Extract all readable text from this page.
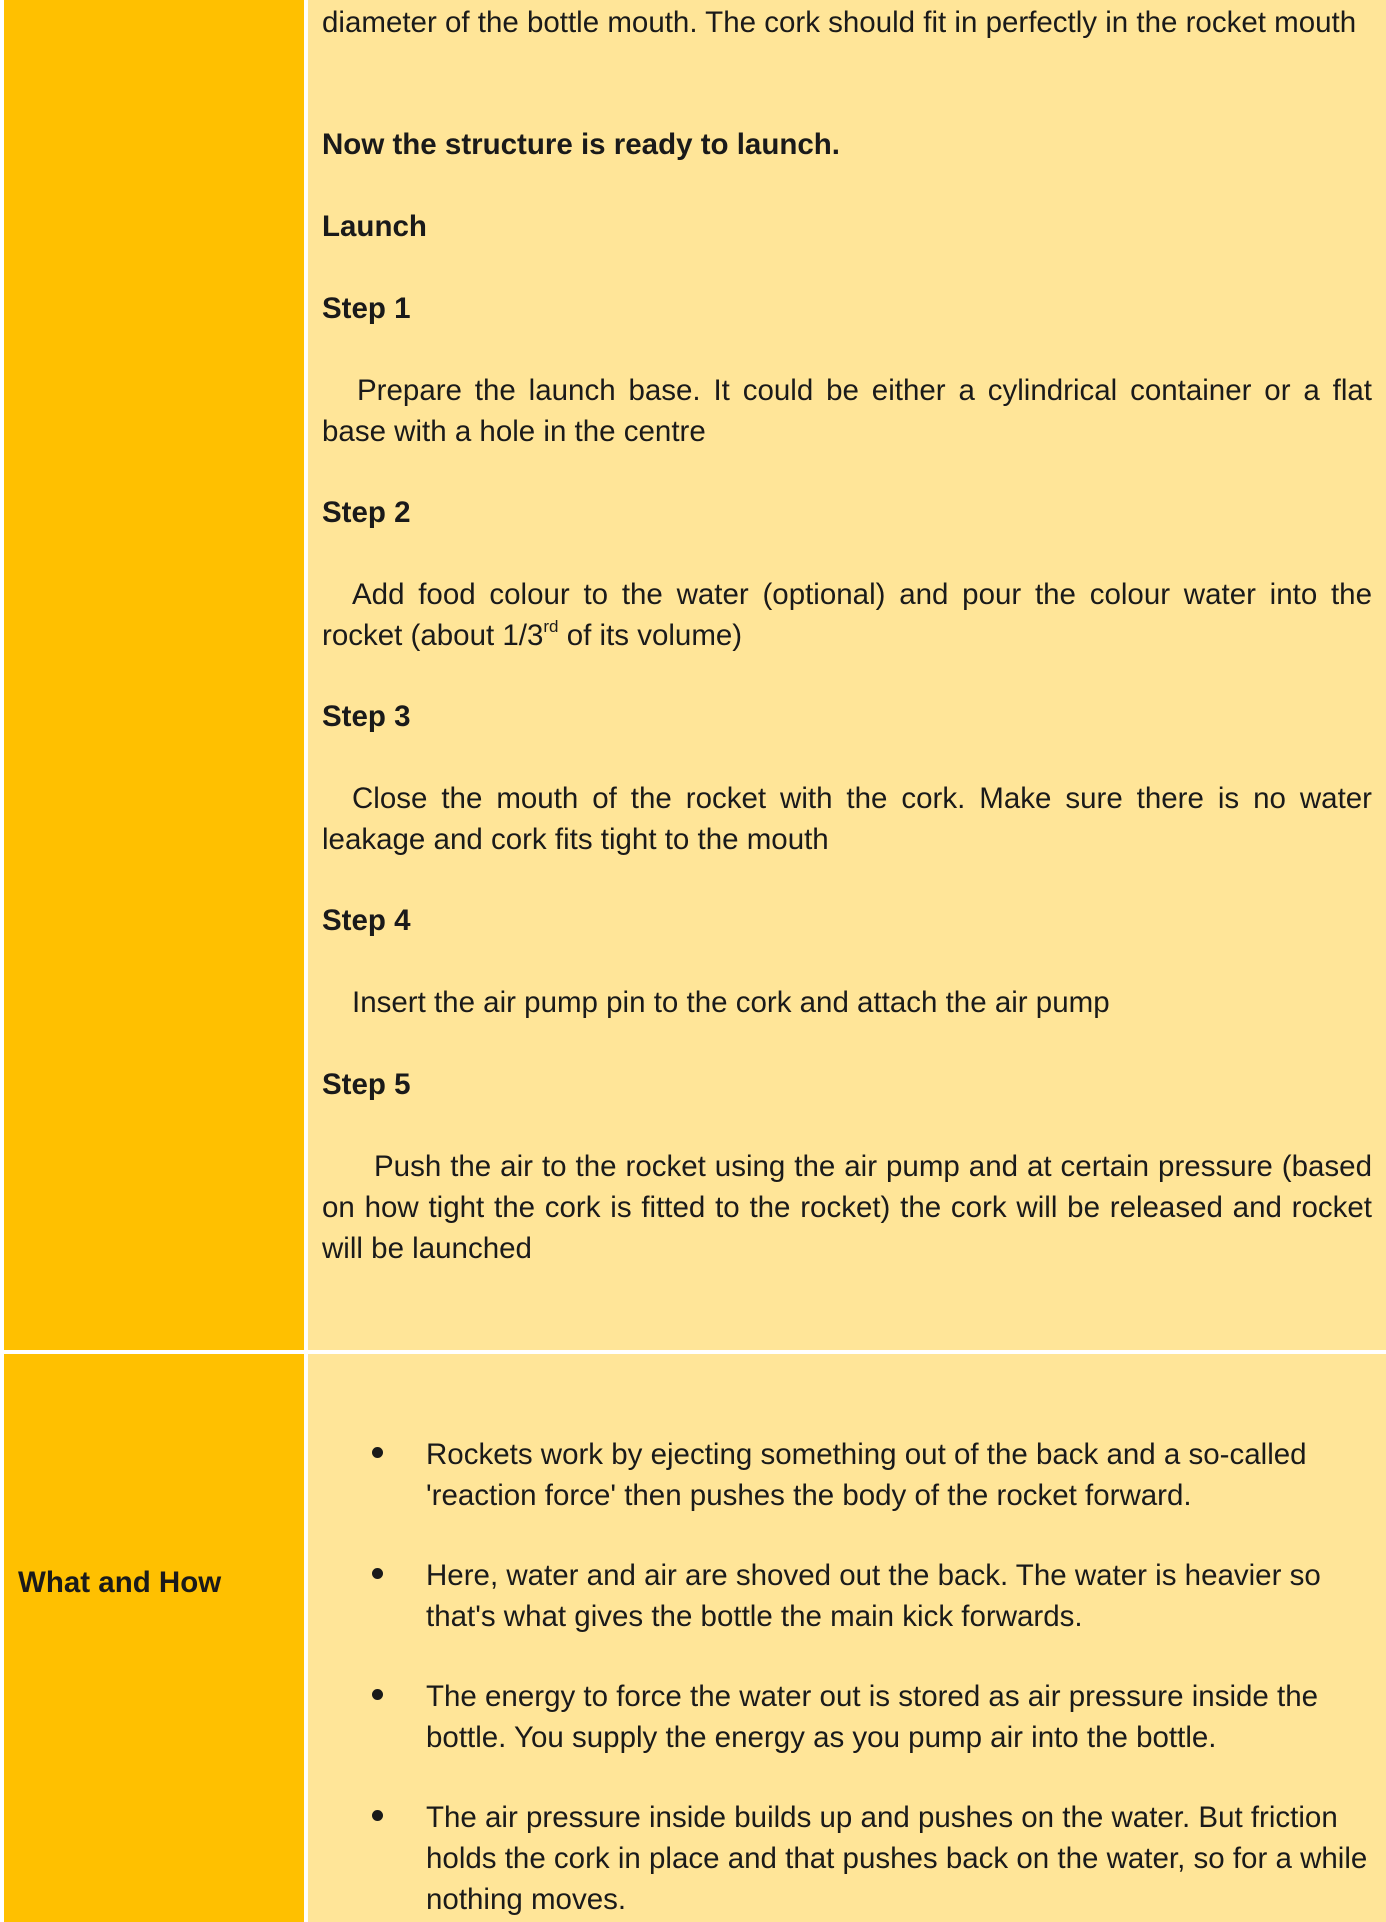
diameter of the bottle mouth. The cork should fit in perfectly in the rocket mouth
Now the structure is ready to launch.
Launch
Step 1
Prepare the launch base. It could be either a cylindrical container or a flat base with a hole in the centre
Step 2
Add food colour to the water (optional) and pour the colour water into the rocket (about 1/3rd of its volume)
Step 3
Close the mouth of the rocket with the cork. Make sure there is no water leakage and cork fits tight to the mouth
Step 4
Insert the air pump pin to the cork and attach the air pump
Step 5
Push the air to the rocket using the air pump and at certain pressure (based on how tight the cork is fitted to the rocket) the cork will be released and rocket will be launched
What and How
Rockets work by ejecting something out of the back and a so-called 'reaction force' then pushes the body of the rocket forward.
Here, water and air are shoved out the back. The water is heavier so that's what gives the bottle the main kick forwards.
The energy to force the water out is stored as air pressure inside the bottle. You supply the energy as you pump air into the bottle.
The air pressure inside builds up and pushes on the water. But friction holds the cork in place and that pushes back on the water, so for a while nothing moves.
